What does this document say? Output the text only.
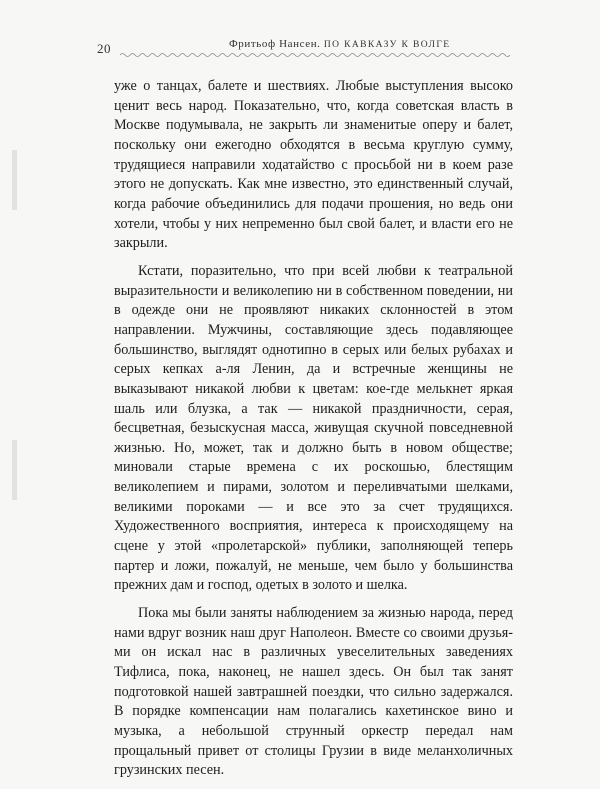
20	Фритьоф Нансен. ПО КАВКАЗУ К ВОЛГЕ

уже о танцах, балете и шествиях. Любые выступления высоко ценит весь народ. Показательно, что, когда советская власть в Москве подумывала, не закрыть ли знаменитые оперу и балет, поскольку они ежегодно обходятся в весьма круглую сумму, трудящиеся направили ходатайство с просьбой ни в коем разе этого не допускать. Как мне известно, это единственный случай, когда рабочие объединились для подачи прошения, но ведь они хотели, чтобы у них непременно был свой балет, и власти его не закрыли.

Кстати, поразительно, что при всей любви к театральной выразительности и великолепию ни в собственном поведении, ни в одежде они не проявляют никаких склонностей в этом направлении. Мужчины, составляющие здесь подавляющее большинство, выглядят однотипно в серых или белых рубахах и серых кепках а-ля Ленин, да и встречные женщины не выказывают никакой любви к цветам: кое-где мелькнет яркая шаль или блузка, а так — никакой праздничности, серая, бесцветная, безыскусная масса, живущая скучной повседневной жизнью. Но, может, так и должно быть в новом обществе; миновали старые времена с их роскошью, блестящим великолепием и пирами, золотом и переливчатыми шелками, великими пороками — и все это за счет трудящихся. Художественного восприятия, интереса к происходящему на сцене у этой «пролетарской» публики, заполняющей теперь партер и ложи, пожалуй, не меньше, чем было у большинства прежних дам и господ, одетых в золото и шелка.

Пока мы были заняты наблюдением за жизнью народа, перед нами вдруг возник наш друг Наполеон. Вместе со своими друзьями он искал нас в различных увеселительных заведениях Тифлиса, пока, наконец, не нашел здесь. Он был так занят подготовкой нашей завтрашней поездки, что сильно задержался. В порядке компенсации нам полагались кахетинское вино и музыка, а небольшой струнный оркестр передал нам прощальный привет от столицы Грузии в виде меланхоличных грузинских песен.
